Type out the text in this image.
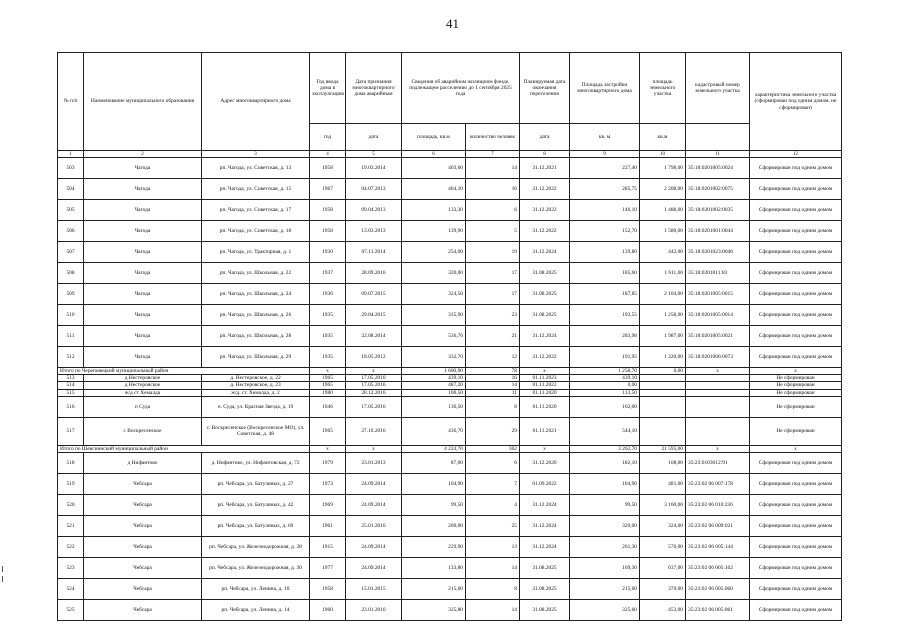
41
№ п/п	Наименование муниципального образования	Адрес многоквартирного дома	Год ввода дома в эксплуатацию	Дата признания многоквартирного дома аварийным	Сведения об аварийном жилищном фонде, подлежащем расселению до 1 сентября 2025 года		Планируемая дата окончания переселения	Площадь застройки многоквартирного дома	площадь земельного участка	кадастровый номер земельного участка	характеристика земельного участка (сформирован под одним домом, не сформирован)
			год	дата	площадь, кв.м	количество человек	дата	кв. м	кв.м		
1	2	3	4	5	6	7	8	9	10	11	12
503	Чагода	рп. Чагода, ул. Советская, д. 13	1958	19.03.2014	403,60	14	31.12.2021	227,40	1 798,00	35:18:0201005:0024	Сформирован под одним домом
504	Чагода	рп. Чагода, ул. Советская, д. 15	1967	04.07.2013	464,10	16	31.12.2022	285,75	2 208,00	35:18:0201002:0075	Сформирован под одним домом
505	Чагода	рп. Чагода, ул. Советская, д. 17	1958	09.04.2013	133,30	6	31.12.2022	146,10	1 488,00	35:18:0201002:0035	Сформирован под одним домом
506	Чагода	рп. Чагода, ул. Советская, д. 18	1958	13.03.2013	139,90	5	31.12.2022	152,70	1 580,00	35:18:0201001:0044	Сформирован под одним домом
507	Чагода	рп. Чагода, ул. Тракторная, д. 1	1930	07.11.2014	254,00	19	31.12.2024	139,80	442,00	35:18:0201023:0046	Сформирован под одним домом
508	Чагода	рп. Чагода, ул. Школьная, д. 22	1937	28.09.2016	320,00	17	31.08.2025	185,60	1 611,00	35:18:0201011:83	Сформирован под одним домом
509	Чагода	рп. Чагода, ул. Школьная, д. 24	1936	09.07.2015	324,50	17	31.08.2025	187,85	2 104,00	35:18:0201005:0015	Сформирован под одним домом
510	Чагода	рп. Чагода, ул. Школьная, д. 26	1935	29.04.2015	335,90	23	31.08.2025	193,55	1 258,00	35:18:0201005:0014	Сформирован под одним домом
511	Чагода	рп. Чагода, ул. Школьная, д. 28	1935	22.08.2014	536,76	21	31.12.2024	283,98	1 987,00	35:18:0201005:0021	Сформирован под одним домом
512	Чагода	рп. Чагода, ул. Школьная, д. 29	1935	18.05.2012	332,70	12	31.12.2022	191,95	1 320,00	35:18:0201006:0073	Сформирован под одним домом
Итого по Череповецкий муниципальный район			x	x	1 600,00	78	x	1 258,70	0,00	x	x
513	д Нестеровское	д. Нестеровское, д. 22	1965	17.05.2016	439,10	16	01.11.2023	439,10			Не сформирован
514	д Нестеровское	д. Нестеровское, д. 23	1965	17.05.2016	487,20	14	01.11.2022	0,00			Не сформирован
515	ж/д ст Хемалда	ж/д. ст. Хемалда, д. 2	1980	28.12.2016	100,50	11	01.11.2020	113,50			Не сформирован
516	п Суда	п. Суда, ул. Красная Звезда, д. 19	1946	17.05.2016	136,50	8	01.11.2020	162,00			Не сформирован
517	с Воскресенское	с. Воскресенское (Воскресенское МО), ул. Советская, д. 48	1965	27.10.2016	436,70	29	01.11.2021	544,10			Не сформирован
Итого по Шекснинский муниципальный район			x	x	4 224,70	302	x	3 262,70	21 595,00	x	x
518	д Нифантово	д. Нифантово, ул. Нифантовская, д. 72	1979	23.01.2013	87,00	6	31.12.2020	182,10	108,00	35:23:0103012:91	Сформирован под одним домом
519	Чебсара	рп. Чебсара, ул. Батулиных, д. 27	1973	24.09.2014	104,90	7	01.09.2022	104,90	481,00	35:23:02 06 007:178	Сформирован под одним домом
520	Чебсара	рп. Чебсара, ул. Батулиных, д. 42	1969	24.09.2014	99,50	4	31.12.2024	99,50	3 160,00	35:23:02 06 010:236	Сформирован под одним домом
521	Чебсара	рп. Чебсара, ул. Батулиных, д. 69	1961	25.01.2016	200,00	25	31.12.2024	320,00	324,00	35:23:02 06 009:021	Сформирован под одним домом
522	Чебсара	рп. Чебсара, ул. Железнодорожная, д. 28	1915	24.09.2014	229,90	13	31.12.2024	261,30	576,00	35:23:02 06 005:144	Сформирован под одним домом
523	Чебсара	рп. Чебсара, ул. Железнодорожная, д. 30	1977	24.09.2014	133,80	14	31.08.2025	169,30	637,00	35:23:02 06 005:162	Сформирован под одним домом
524	Чебсара	рп. Чебсара, ул. Ленина, д. 10	1958	15.01.2015	215,60	8	31.08.2025	215,60	370,00	35:23:02 06 005:060	Сформирован под одним домом
525	Чебсара	рп. Чебсара, ул. Ленина, д. 14	1960	23.01.2016	325,80	14	31.08.2025	325,60	453,00	35:23:02 06 005:061	Сформирован под одним домом
